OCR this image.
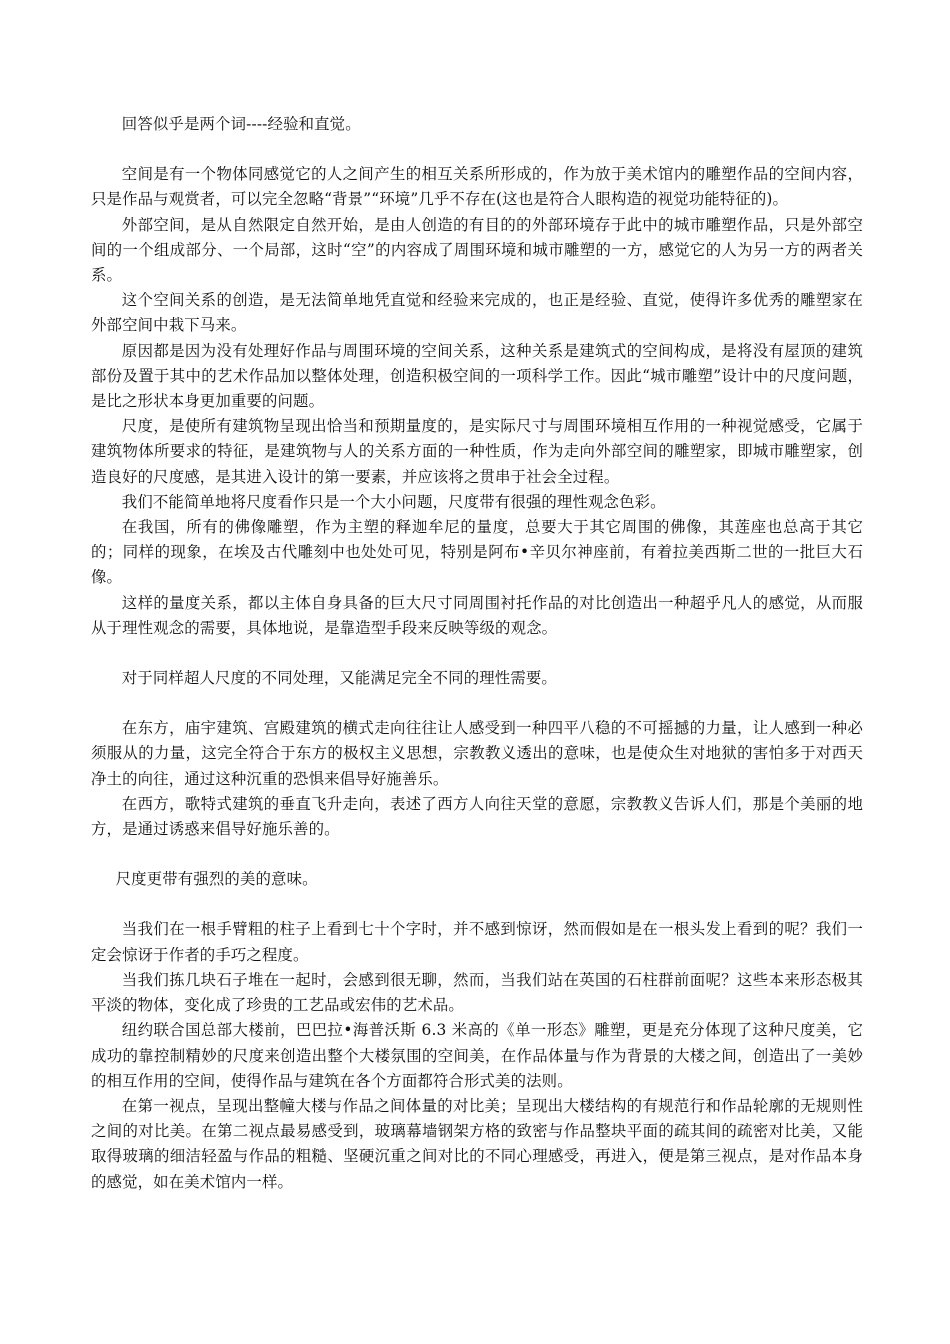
回答似乎是两个词----经验和直觉。

空间是有一个物体同感觉它的人之间产生的相互关系所形成的，作为放于美术馆内的雕塑作品的空间内容，只是作品与观赏者，可以完全忽略“背景”“环境”几乎不存在(这也是符合人眼构造的视觉功能特征的)。

外部空间，是从自然限定自然开始，是由人创造的有目的的外部环境存于此中的城市雕塑作品，只是外部空间的一个组成部分、一个局部，这时“空”的内容成了周围环境和城市雕塑的一方，感觉它的人为另一方的两者关系。

这个空间关系的创造，是无法简单地凭直觉和经验来完成的，也正是经验、直觉，使得许多优秀的雕塑家在外部空间中栽下马来。

原因都是因为没有处理好作品与周围环境的空间关系，这种关系是建筑式的空间构成，是将没有屋顶的建筑部份及置于其中的艺术作品加以整体处理，创造积极空间的一项科学工作。因此“城市雕塑”设计中的尺度问题，是比之形状本身更加重要的问题。

尺度，是使所有建筑物呈现出恰当和预期量度的，是实际尺寸与周围环境相互作用的一种视觉感受，它属于建筑物体所要求的特征，是建筑物与人的关系方面的一种性质，作为走向外部空间的雕塑家，即城市雕塑家，创造良好的尺度感，是其进入设计的第一要素，并应该将之贯串于社会全过程。

我们不能简单地将尺度看作只是一个大小问题，尺度带有很强的理性观念色彩。

在我国，所有的佛像雕塑，作为主塑的释迦牟尼的量度，总要大于其它周围的佛像，其莲座也总高于其它的；同样的现象，在埃及古代雕刻中也处处可见，特别是阿布•辛贝尔神座前，有着拉美西斯二世的一批巨大石像。

这样的量度关系，都以主体自身具备的巨大尺寸同周围衬托作品的对比创造出一种超乎凡人的感觉，从而服从于理性观念的需要，具体地说，是靠造型手段来反映等级的观念。

对于同样超人尺度的不同处理，又能满足完全不同的理性需要。

在东方，庙宇建筑、宫殿建筑的横式走向往往让人感受到一种四平八稳的不可摇撼的力量，让人感到一种必须服从的力量，这完全符合于东方的极权主义思想，宗教教义透出的意味，也是使众生对地狱的害怕多于对西天净土的向往，通过这种沉重的恐惧来倡导好施善乐。

在西方，歌特式建筑的垂直飞升走向，表述了西方人向往天堂的意愿，宗教教义告诉人们，那是个美丽的地方，是通过诱惑来倡导好施乐善的。

尺度更带有强烈的美的意味。

当我们在一根手臂粗的柱子上看到七十个字时，并不感到惊讶，然而假如是在一根头发上看到的呢？我们一定会惊讶于作者的手巧之程度。

当我们拣几块石子堆在一起时，会感到很无聊，然而，当我们站在英国的石柱群前面呢？这些本来形态极其平淡的物体，变化成了珍贵的工艺品或宏伟的艺术品。

纽约联合国总部大楼前，巴巴拉•海普沃斯 6.3 米高的《单一形态》雕塑，更是充分体现了这种尺度美，它成功的靠控制精妙的尺度来创造出整个大楼氛围的空间美，在作品体量与作为背景的大楼之间，创造出了一美妙的相互作用的空间，使得作品与建筑在各个方面都符合形式美的法则。

在第一视点，呈现出整幢大楼与作品之间体量的对比美；呈现出大楼结构的有规范行和作品轮廓的无规则性之间的对比美。在第二视点最易感受到，玻璃幕墙钢架方格的致密与作品整块平面的疏其间的疏密对比美，又能取得玻璃的细洁轻盈与作品的粗糙、坚硬沉重之间对比的不同心理感受，再进入，便是第三视点，是对作品本身的感觉，如在美术馆内一样。
